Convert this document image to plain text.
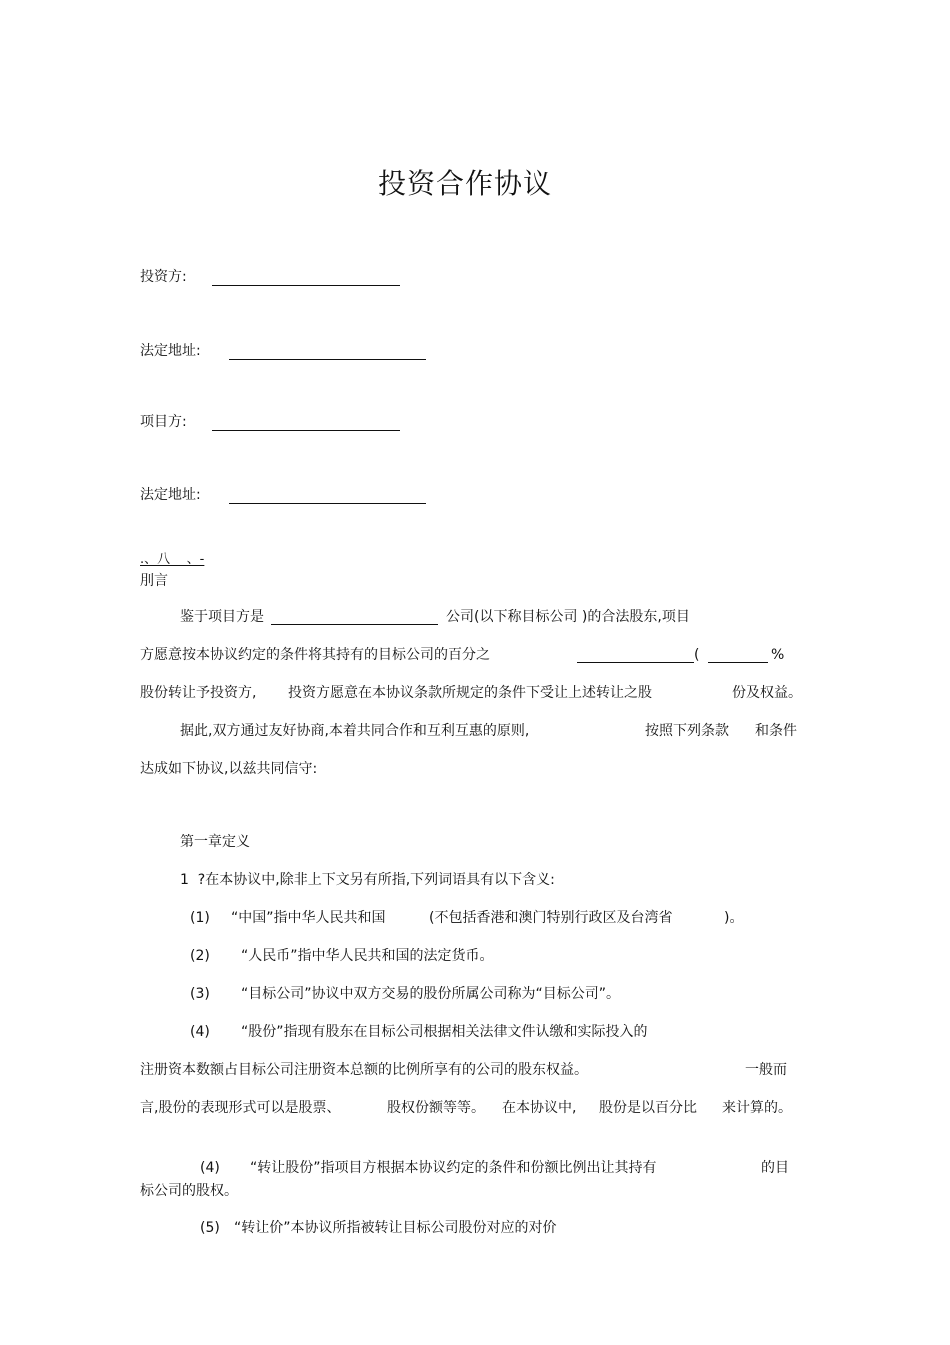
投资合作协议
投资方:
法定地址:
项目方:
法定地址:
.、八    、-
刖言
鉴于项目方是	公司(以下称目标公司 )的合法股东,项目
方愿意按本协议约定的条件将其持有的目标公司的百分之	(	%
股份转让予投资方, 投资方愿意在本协议条款所规定的条件下受让上述转让之股	份及权益。
据此,双方通过友好协商,本着共同合作和互利互惠的原则,	按照下列条款 和条件
达成如下协议,以兹共同信守:
第一章定义
1  ?在本协议中,除非上下文另有所指,下列词语具有以下含义:
(1) “中国”指中华人民共和国	(不包括香港和澳门特别行政区及台湾省	)。
(2) “人民币”指中华人民共和国的法定货币。
(3) “目标公司”协议中双方交易的股份所属公司称为“目标公司”。
(4) “股份”指现有股东在目标公司根据相关法律文件认缴和实际投入的
注册资本数额占目标公司注册资本总额的比例所享有的公司的股东权益。	一般而
言,股份的表现形式可以是股票、	股权份额等等。 在本协议中, 股份是以百分比 来计算的。
(4) “转让股份”指项目方根据本协议约定的条件和份额比例出让其持有	的目
标公司的股权。
(5) “转让价”本协议所指被转让目标公司股份对应的对价
